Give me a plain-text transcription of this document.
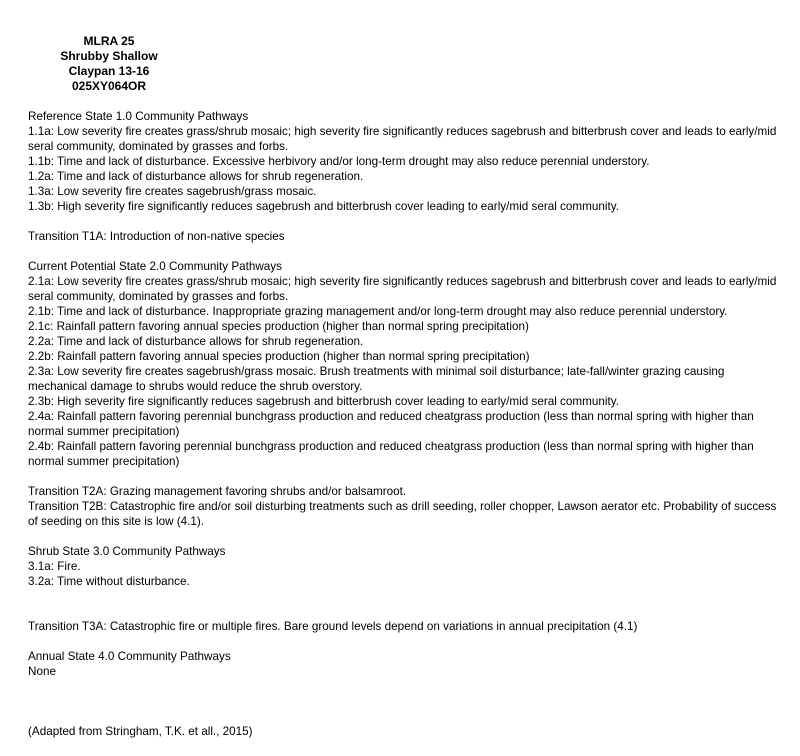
MLRA 25
Shrubby Shallow
Claypan 13-16
025XY064OR
Reference State 1.0 Community Pathways
1.1a: Low severity fire creates grass/shrub mosaic; high severity fire significantly reduces sagebrush and bitterbrush cover and leads to early/mid seral community, dominated by grasses and forbs.
1.1b: Time and lack of disturbance. Excessive herbivory and/or long-term drought may also reduce perennial understory.
1.2a: Time and lack of disturbance allows for shrub regeneration.
1.3a: Low severity fire creates sagebrush/grass mosaic.
1.3b: High severity fire significantly reduces sagebrush and bitterbrush cover leading to early/mid seral community.
Transition T1A: Introduction of non-native species
Current Potential State 2.0 Community Pathways
2.1a: Low severity fire creates grass/shrub mosaic; high severity fire significantly reduces sagebrush and bitterbrush cover and leads to early/mid seral community, dominated by grasses and forbs.
2.1b: Time and lack of disturbance. Inappropriate grazing management and/or long-term drought may also reduce perennial understory.
2.1c: Rainfall pattern favoring annual species production (higher than normal spring precipitation)
2.2a: Time and lack of disturbance allows for shrub regeneration.
2.2b: Rainfall pattern favoring annual species production (higher than normal spring precipitation)
2.3a: Low severity fire creates sagebrush/grass mosaic. Brush treatments with minimal soil disturbance; late-fall/winter grazing causing mechanical damage to shrubs would reduce the shrub overstory.
2.3b: High severity fire significantly reduces sagebrush and bitterbrush cover leading to early/mid seral community.
2.4a: Rainfall pattern favoring perennial bunchgrass production and reduced cheatgrass production (less than normal spring with higher than normal summer precipitation)
2.4b: Rainfall pattern favoring perennial bunchgrass production and reduced cheatgrass production (less than normal spring with higher than normal summer precipitation)
Transition T2A: Grazing management favoring shrubs and/or balsamroot.
Transition T2B: Catastrophic fire and/or soil disturbing treatments such as drill seeding, roller chopper, Lawson aerator etc. Probability of success of seeding on this site is low (4.1).
Shrub State 3.0 Community Pathways
3.1a: Fire.
3.2a: Time without disturbance.
Transition T3A: Catastrophic fire or multiple fires. Bare ground levels depend on variations in annual precipitation (4.1)
Annual State 4.0 Community Pathways
None
(Adapted from Stringham, T.K. et all., 2015)
